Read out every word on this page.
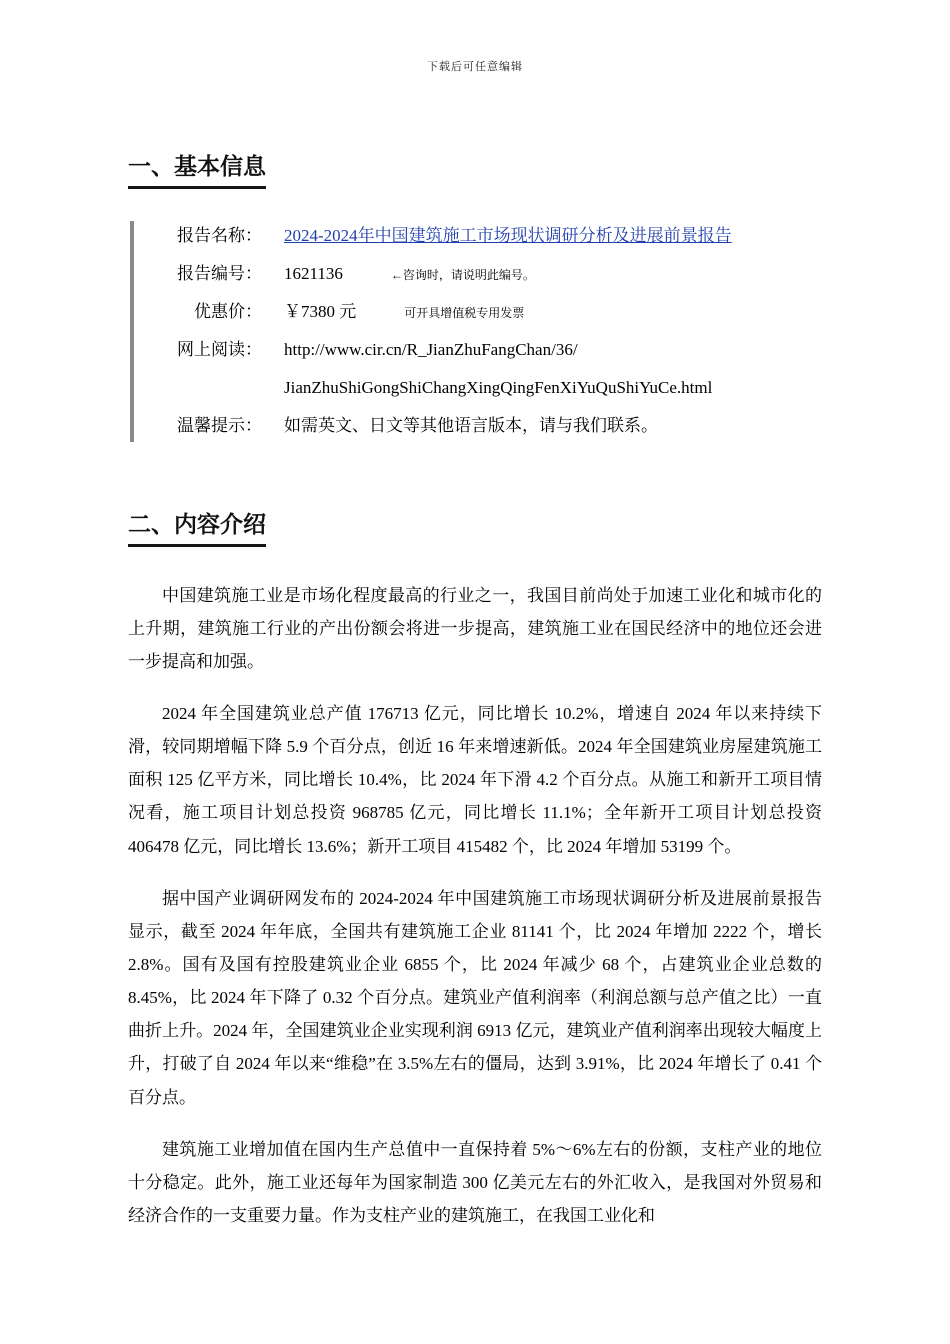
下载后可任意编辑
一、基本信息
报告名称： 2024-2024年中国建筑施工市场现状调研分析及进展前景报告
报告编号： 1621136	←咨询时，请说明此编号。
优惠价： ￥7380 元	可开具增值税专用发票
网上阅读： http://www.cir.cn/R_JianZhuFangChan/36/
JianZhuShiGongShiChangXingQingFenXiYuQuShiYuCe.html
温馨提示： 如需英文、日文等其他语言版本，请与我们联系。
二、内容介绍

中国建筑施工业是市场化程度最高的行业之一，我国目前尚处于加速工业化和城市化的上升期，建筑施工行业的产出份额会将进一步提高，建筑施工业在国民经济中的地位还会进一步提高和加强。

2024 年全国建筑业总产值 176713 亿元，同比增长 10.2%，增速自 2024 年以来持续下滑，较同期增幅下降 5.9 个百分点，创近 16 年来增速新低。2024 年全国建筑业房屋建筑施工面积 125 亿平方米，同比增长 10.4%，比 2024 年下滑 4.2 个百分点。从施工和新开工项目情况看，施工项目计划总投资 968785 亿元，同比增长 11.1%；全年新开工项目计划总投资 406478 亿元，同比增长 13.6%；新开工项目 415482 个，比 2024 年增加 53199 个。

据中国产业调研网发布的 2024-2024 年中国建筑施工市场现状调研分析及进展前景报告显示，截至 2024 年年底，全国共有建筑施工企业 81141 个，比 2024 年增加 2222 个，增长 2.8%。国有及国有控股建筑业企业 6855 个，比 2024 年减少 68 个，占建筑业企业总数的 8.45%，比 2024 年下降了 0.32 个百分点。建筑业产值利润率（利润总额与总产值之比）一直曲折上升。2024 年，全国建筑业企业实现利润 6913 亿元，建筑业产值利润率出现较大幅度上升，打破了自 2024 年以来“维稳”在 3.5%左右的僵局，达到 3.91%，比 2024 年增长了 0.41 个百分点。

建筑施工业增加值在国内生产总值中一直保持着 5%～6%左右的份额，支柱产业的地位十分稳定。此外，施工业还每年为国家制造 300 亿美元左右的外汇收入，是我国对外贸易和经济合作的一支重要力量。作为支柱产业的建筑施工，在我国工业化和
